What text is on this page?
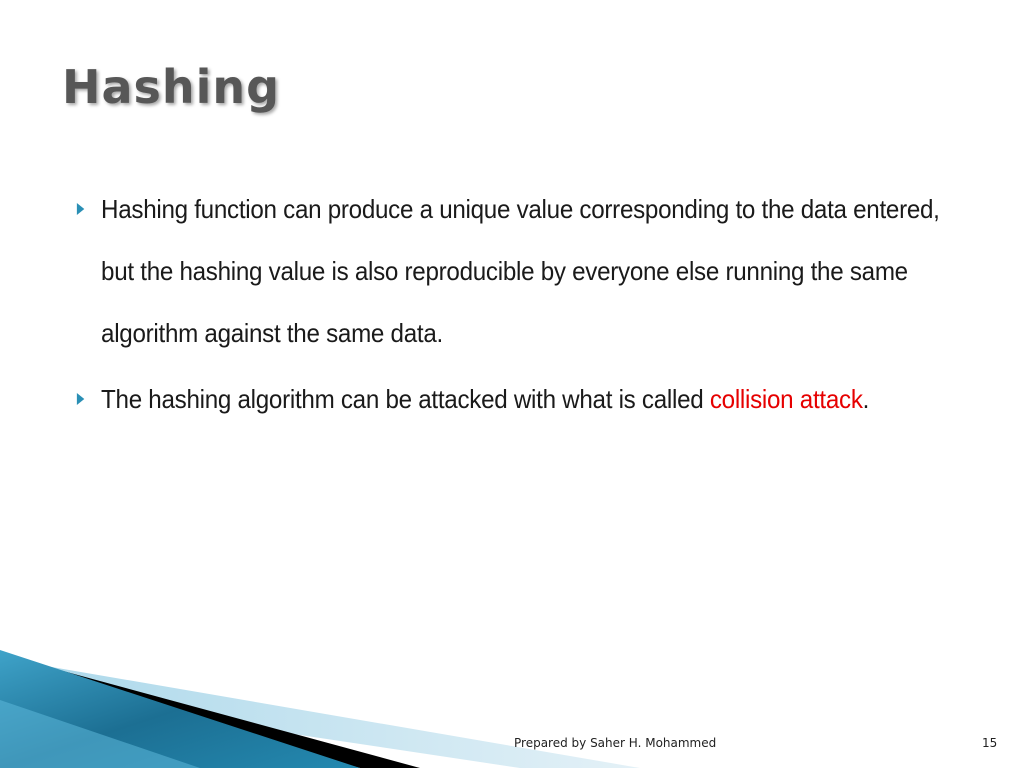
Hashing
Hashing function can produce a unique value corresponding to the data entered, but the hashing value is also reproducible by everyone else running the same algorithm against the same data.
The hashing algorithm can be attacked with what is called collision attack.
Prepared by Saher H. Mohammed	15
